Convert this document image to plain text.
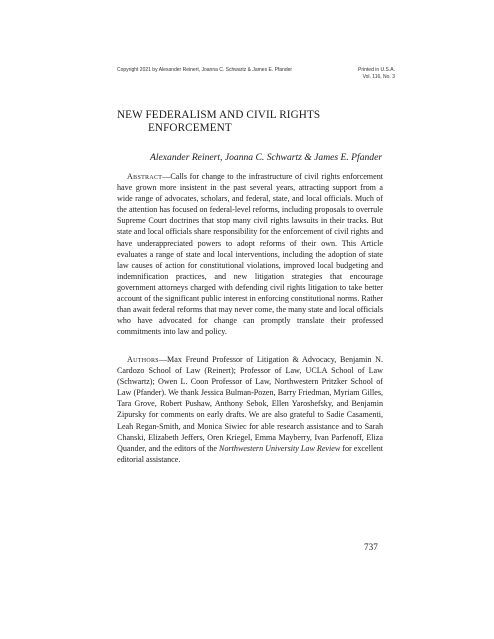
Copyright 2021 by Alexander Reinert, Joanna C. Schwartz & James E. Pfander	Printed in U.S.A.
Vol. 116, No. 3
NEW FEDERALISM AND CIVIL RIGHTS
ENFORCEMENT
Alexander Reinert, Joanna C. Schwartz & James E. Pfander

Abstract—Calls for change to the infrastructure of civil rights enforcement have grown more insistent in the past several years, attracting support from a wide range of advocates, scholars, and federal, state, and local officials. Much of the attention has focused on federal-level reforms, including proposals to overrule Supreme Court doctrines that stop many civil rights lawsuits in their tracks. But state and local officials share responsibility for the enforcement of civil rights and have underappreciated powers to adopt reforms of their own. This Article evaluates a range of state and local interventions, including the adoption of state law causes of action for constitutional violations, improved local budgeting and indemnification practices, and new litigation strategies that encourage government attorneys charged with defending civil rights litigation to take better account of the significant public interest in enforcing constitutional norms. Rather than await federal reforms that may never come, the many state and local officials who have advocated for change can promptly translate their professed commitments into law and policy.

Authors—Max Freund Professor of Litigation & Advocacy, Benjamin N. Cardozo School of Law (Reinert); Professor of Law, UCLA School of Law (Schwartz); Owen L. Coon Professor of Law, Northwestern Pritzker School of Law (Pfander). We thank Jessica Bulman-Pozen, Barry Friedman, Myriam Gilles, Tara Grove, Robert Pushaw, Anthony Sebok, Ellen Yaroshefsky, and Benjamin Zipursky for comments on early drafts. We are also grateful to Sadie Casamenti, Leah Regan-Smith, and Monica Siwiec for able research assistance and to Sarah Chanski, Elizabeth Jeffers, Oren Kriegel, Emma Mayberry, Ivan Parfenoff, Eliza Quander, and the editors of the Northwestern University Law Review for excellent editorial assistance.

737
